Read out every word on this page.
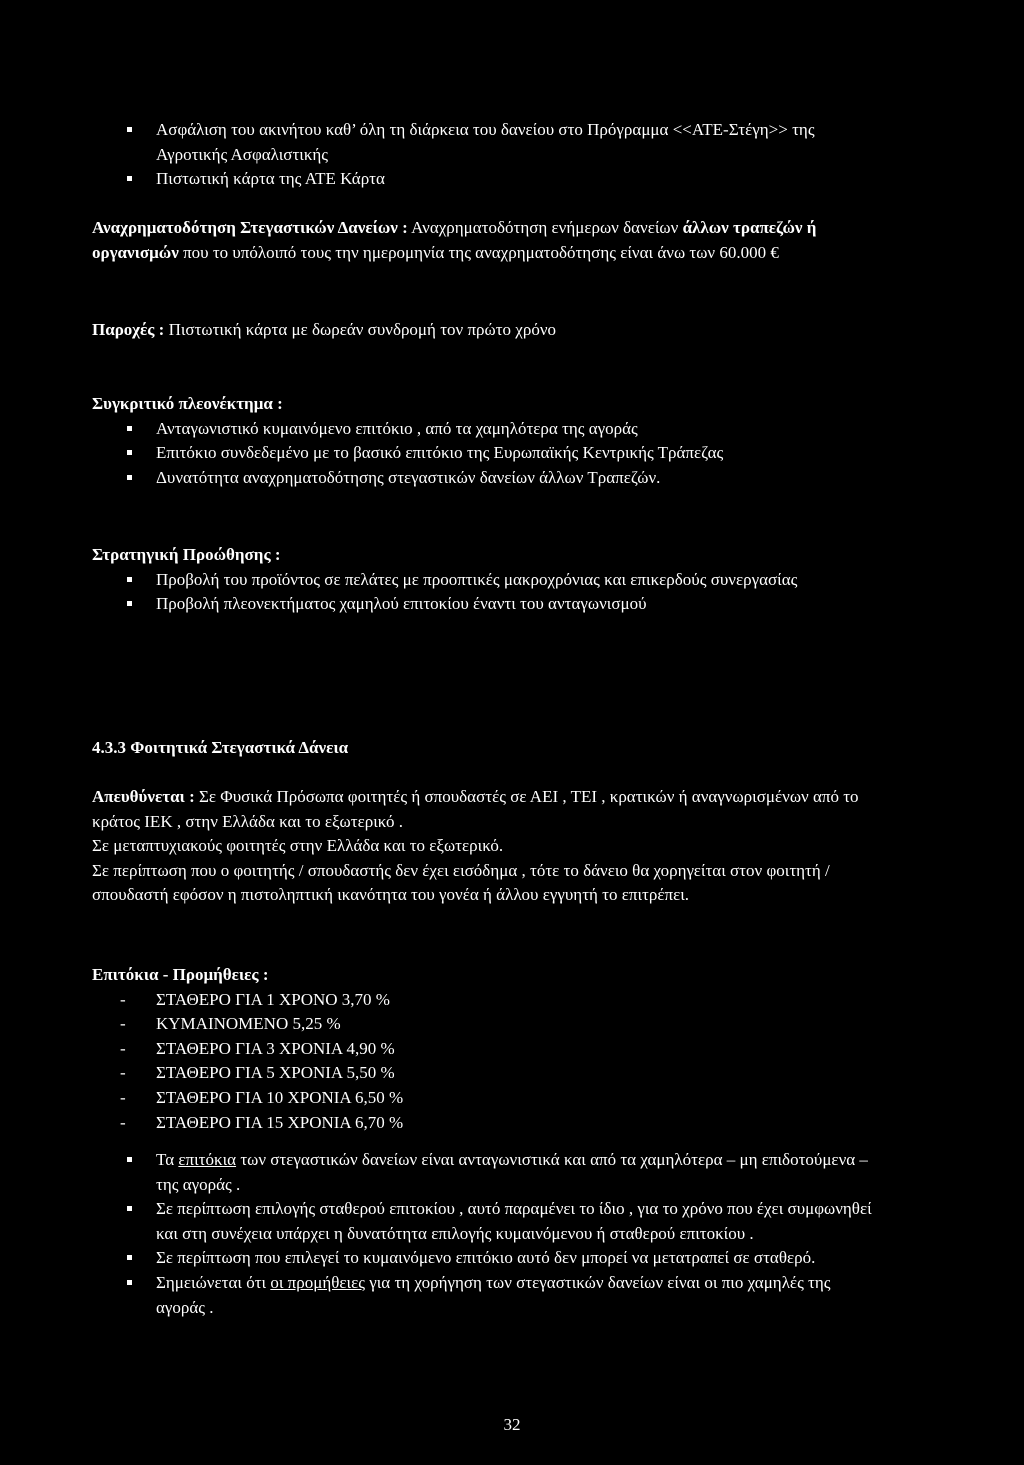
Ασφάλιση του ακινήτου καθ’ όλη τη διάρκεια του δανείου στο Πρόγραμμα <<ΑΤΕ-Στέγη>> της Αγροτικής Ασφαλιστικής
Πιστωτική κάρτα της ΑΤΕ Κάρτα
Αναχρηματοδότηση Στεγαστικών Δανείων : Αναχρηματοδότηση ενήμερων δανείων άλλων τραπεζών ή οργανισμών που το υπόλοιπό τους την ημερομηνία της αναχρηματοδότησης είναι άνω των 60.000 €
Παροχές : Πιστωτική κάρτα με δωρεάν συνδρομή τον πρώτο χρόνο
Συγκριτικό πλεονέκτημα :
Ανταγωνιστικό κυμαινόμενο επιτόκιο , από τα χαμηλότερα της αγοράς
Επιτόκιο συνδεδεμένο με το βασικό επιτόκιο της Ευρωπαϊκής Κεντρικής Τράπεζας
Δυνατότητα αναχρηματοδότησης στεγαστικών δανείων άλλων Τραπεζών.
Στρατηγική Προώθησης :
Προβολή του προϊόντος σε πελάτες με προοπτικές μακροχρόνιας και επικερδούς συνεργασίας
Προβολή πλεονεκτήματος χαμηλού επιτοκίου έναντι του ανταγωνισμού
4.3.3 Φοιτητικά Στεγαστικά Δάνεια
Απευθύνεται : Σε Φυσικά Πρόσωπα φοιτητές ή σπουδαστές σε ΑΕΙ , ΤΕΙ , κρατικών ή αναγνωρισμένων από το κράτος ΙΕΚ , στην Ελλάδα και το εξωτερικό .
Σε μεταπτυχιακούς φοιτητές στην Ελλάδα και το εξωτερικό.
Σε περίπτωση που ο φοιτητής / σπουδαστής δεν έχει εισόδημα , τότε το δάνειο θα χορηγείται στον φοιτητή / σπουδαστή εφόσον η πιστοληπτική ικανότητα του γονέα ή άλλου εγγυητή το επιτρέπει.
Επιτόκια - Προμήθειες :
- ΣΤΑΘΕΡΟ ΓΙΑ 1 ΧΡΟΝΟ 3,70 %
- ΚΥΜΑΙΝΟΜΕΝΟ 5,25 %
- ΣΤΑΘΕΡΟ ΓΙΑ 3 ΧΡΟΝΙΑ 4,90 %
- ΣΤΑΘΕΡΟ ΓΙΑ 5 ΧΡΟΝΙΑ 5,50 %
- ΣΤΑΘΕΡΟ ΓΙΑ 10 ΧΡΟΝΙΑ 6,50 %
- ΣΤΑΘΕΡΟ ΓΙΑ 15 ΧΡΟΝΙΑ 6,70 %
Τα επιτόκια των στεγαστικών δανείων είναι ανταγωνιστικά και από τα χαμηλότερα – μη επιδοτούμενα – της αγοράς .
Σε περίπτωση επιλογής σταθερού επιτοκίου , αυτό παραμένει το ίδιο , για το χρόνο που έχει συμφωνηθεί και στη συνέχεια υπάρχει η δυνατότητα επιλογής κυμαινόμενου ή σταθερού επιτοκίου .
Σε περίπτωση που επιλεγεί το κυμαινόμενο επιτόκιο αυτό δεν μπορεί να μετατραπεί σε σταθερό.
Σημειώνεται ότι οι προμήθειες για τη χορήγηση των στεγαστικών δανείων είναι οι πιο χαμηλές της αγοράς .
32
